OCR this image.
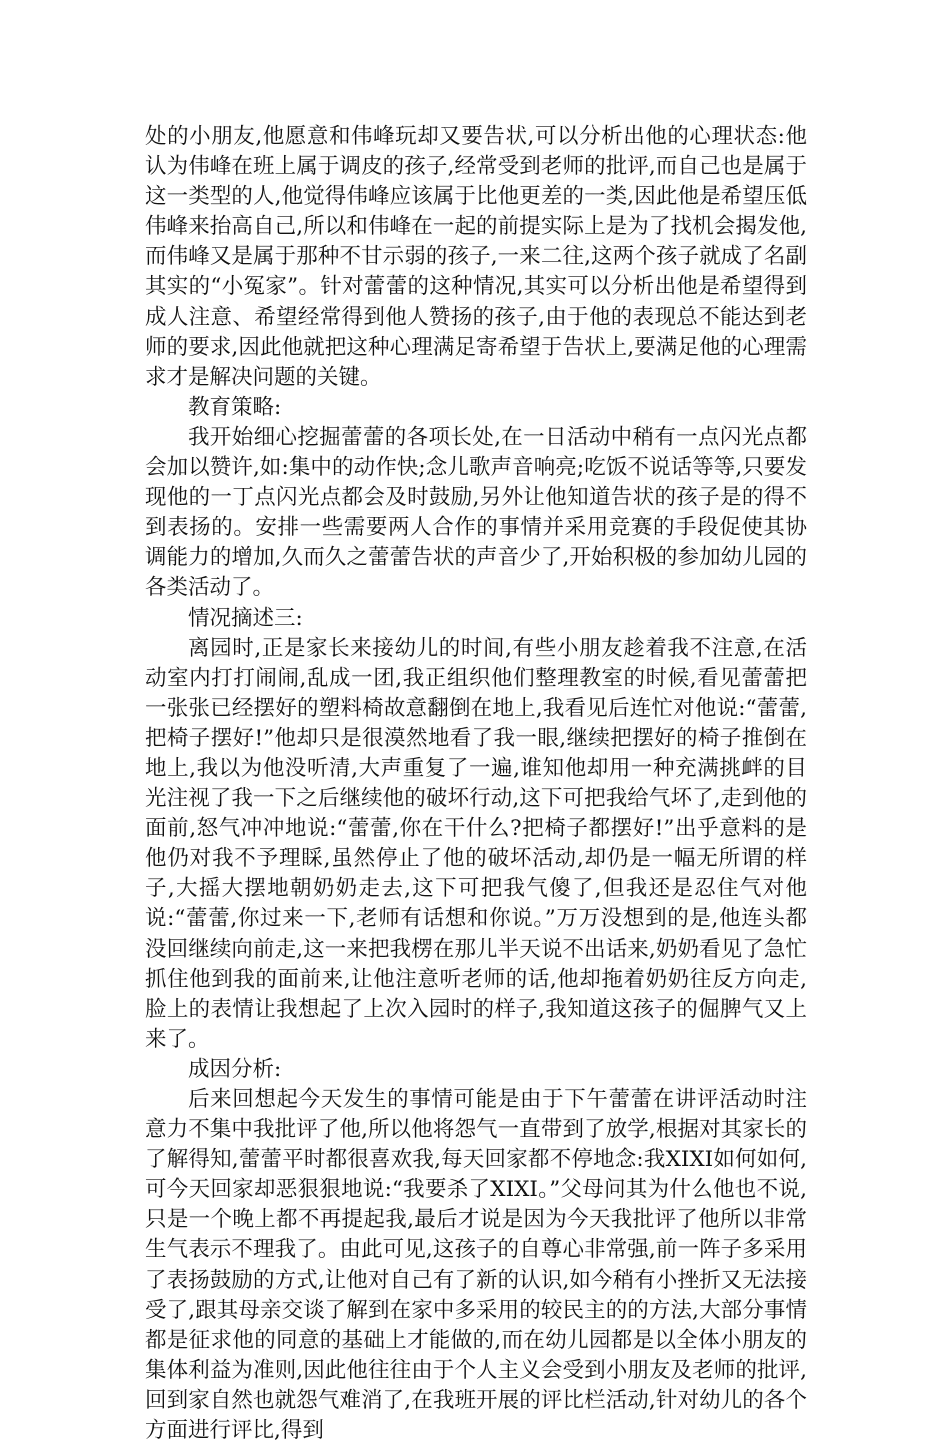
处的小朋友,他愿意和伟峰玩却又要告状,可以分析出他的心理状态:他认为伟峰在班上属于调皮的孩子,经常受到老师的批评,而自己也是属于这一类型的人,他觉得伟峰应该属于比他更差的一类,因此他是希望压低伟峰来抬高自己,所以和伟峰在一起的前提实际上是为了找机会揭发他,而伟峰又是属于那种不甘示弱的孩子,一来二往,这两个孩子就成了名副其实的“小冤家”。针对蕾蕾的这种情况,其实可以分析出他是希望得到成人注意、希望经常得到他人赞扬的孩子,由于他的表现总不能达到老师的要求,因此他就把这种心理满足寄希望于告状上,要满足他的心理需求才是解决问题的关键。

教育策略:

我开始细心挖掘蕾蕾的各项长处,在一日活动中稍有一点闪光点都会加以赞许,如:集中的动作快;念儿歌声音响亮;吃饭不说话等等,只要发现他的一丁点闪光点都会及时鼓励,另外让他知道告状的孩子是的得不到表扬的。安排一些需要两人合作的事情并采用竞赛的手段促使其协调能力的增加,久而久之蕾蕾告状的声音少了,开始积极的参加幼儿园的各类活动了。

情况摘述三:

离园时,正是家长来接幼儿的时间,有些小朋友趁着我不注意,在活动室内打打闹闹,乱成一团,我正组织他们整理教室的时候,看见蕾蕾把一张张已经摆好的塑料椅故意翻倒在地上,我看见后连忙对他说:“蕾蕾,把椅子摆好!”他却只是很漠然地看了我一眼,继续把摆好的椅子推倒在地上,我以为他没听清,大声重复了一遍,谁知他却用一种充满挑衅的目光注视了我一下之后继续他的破坏行动,这下可把我给气坏了,走到他的面前,怒气冲冲地说:“蕾蕾,你在干什么?把椅子都摆好!”出乎意料的是他仍对我不予理睬,虽然停止了他的破坏活动,却仍是一幅无所谓的样子,大摇大摆地朝奶奶走去,这下可把我气傻了,但我还是忍住气对他说:“蕾蕾,你过来一下,老师有话想和你说。”万万没想到的是,他连头都没回继续向前走,这一来把我楞在那儿半天说不出话来,奶奶看见了急忙抓住他到我的面前来,让他注意听老师的话,他却拖着奶奶往反方向走,脸上的表情让我想起了上次入园时的样子,我知道这孩子的倔脾气又上来了。

成因分析:

后来回想起今天发生的事情可能是由于下午蕾蕾在讲评活动时注意力不集中我批评了他,所以他将怨气一直带到了放学,根据对其家长的了解得知,蕾蕾平时都很喜欢我,每天回家都不停地念:我XIXI如何如何,可今天回家却恶狠狠地说:“我要杀了XIXI。”父母问其为什么他也不说,只是一个晚上都不再提起我,最后才说是因为今天我批评了他所以非常生气表示不理我了。由此可见,这孩子的自尊心非常强,前一阵子多采用了表扬鼓励的方式,让他对自己有了新的认识,如今稍有小挫折又无法接受了,跟其母亲交谈了解到在家中多采用的较民主的的方法,大部分事情都是征求他的同意的基础上才能做的,而在幼儿园都是以全体小朋友的集体利益为准则,因此他往往由于个人主义会受到小朋友及老师的批评,回到家自然也就怨气难消了,在我班开展的评比栏活动,针对幼儿的各个方面进行评比,得到
